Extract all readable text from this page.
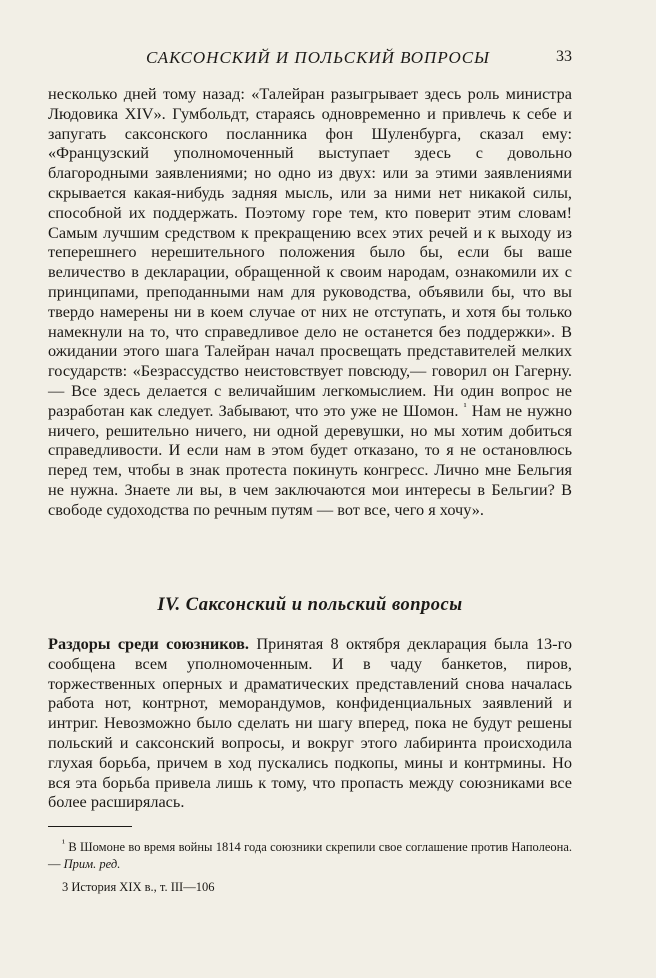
САКСОНСКИЙ И ПОЛЬСКИЙ ВОПРОСЫ	33

несколько дней тому назад: «Талейран разыгрывает здесь роль министра Людовика XIV». Гумбольдт, стараясь одновременно и привлечь к себе и запугать саксонского посланника фон Шуленбурга, сказал ему: «Французский уполномоченный выступает здесь с довольно благородными заявлениями; но одно из двух: или за этими заявлениями скрывается какая-нибудь задняя мысль, или за ними нет никакой силы, способной их поддержать. Поэтому горе тем, кто поверит этим словам! Самым лучшим средством к прекращению всех этих речей и к выходу из теперешнего нерешительного положения было бы, если бы ваше величество в декларации, обращенной к своим народам, ознакомили их с принципами, преподанными нам для руководства, объявили бы, что вы твердо намерены ни в коем случае от них не отступать, и хотя бы только намекнули на то, что справедливое дело не останется без поддержки». В ожидании этого шага Талейран начал просвещать представителей мелких государств: «Безрассудство неистовствует повсюду,— говорил он Гагерну.— Все здесь делается с величайшим легкомыслием. Ни один вопрос не разработан как следует. Забывают, что это уже не Шомон. $^{^1}$ Нам не нужно ничего, решительно ничего, ни одной деревушки, но мы хотим добиться справедливости. И если нам в этом будет отказано, то я не остановлюсь перед тем, чтобы в знак протеста покинуть конгресс. Лично мне Бельгия не нужна. Знаете ли вы, в чем заключаются мои интересы в Бельгии? В свободе судоходства по речным путям — вот все, чего я хочу».

IV. Саксонский и польский вопросы
Раздоры среди союзников. Принятая 8 октября декларация была 13-го сообщена всем уполномоченным. И в чаду банкетов, пиров, торжественных оперных и драматических представлений снова началась работа нот, контрнот, меморандумов, конфиденциальных заявлений и интриг. Невозможно было сделать ни шагу вперед, пока не будут решены польский и саксонский вопросы, и вокруг этого лабиринта происходила глухая борьба, причем в ход пускались подкопы, мины и контрмины. Но вся эта борьба привела лишь к тому, что пропасть между союзниками все более расширялась.
$^{^1}$ В Шомоне во время войны 1814 года союзники скрепили свое соглашение против Наполеона. — Прим. ред.
3 История XIX в., т. III—106
